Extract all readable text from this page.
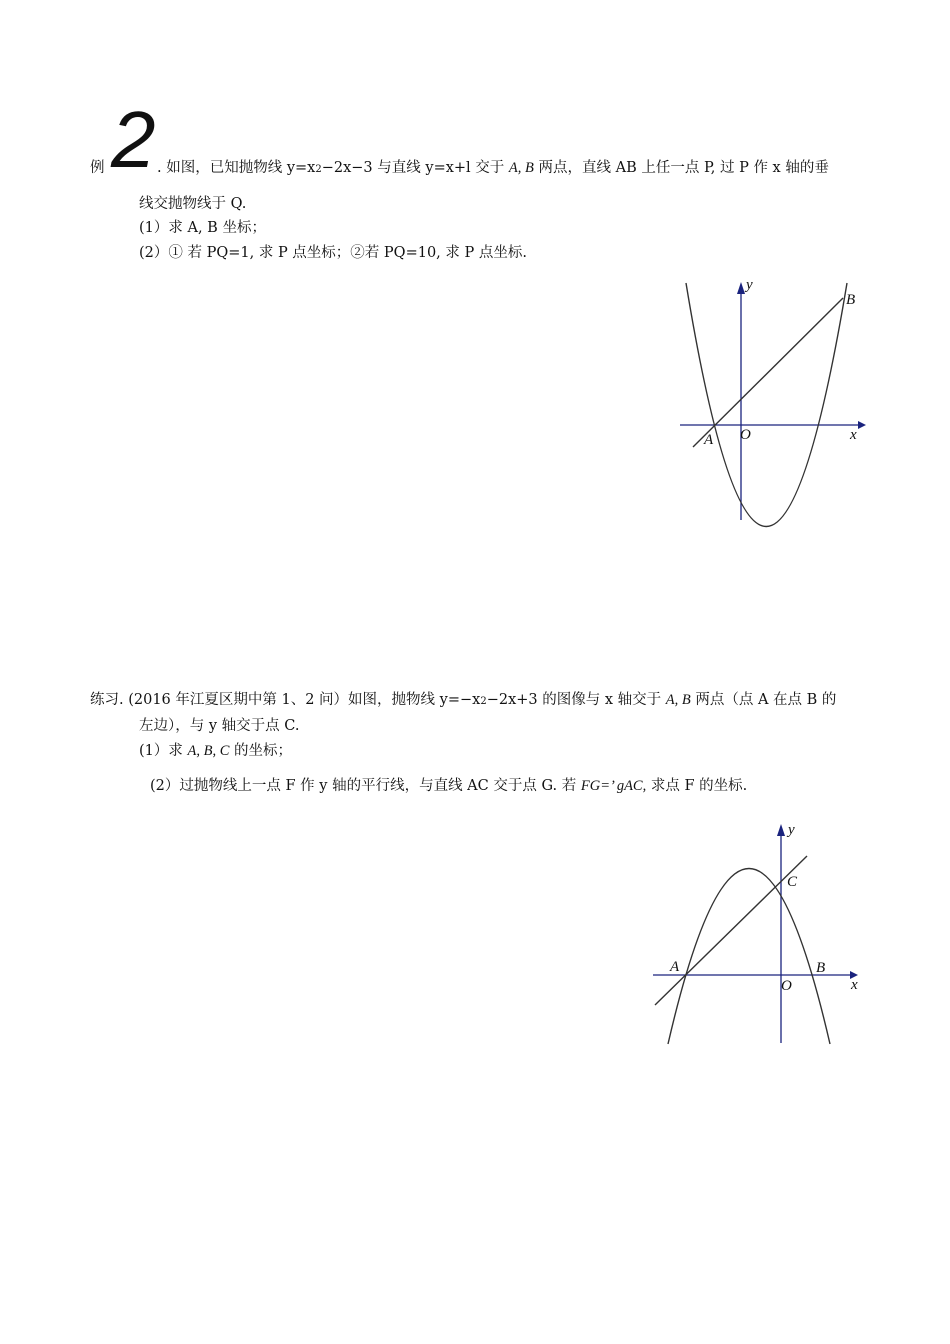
例 2 . 如图，已知抛物线 y=x2−2x−3 与直线 y=x+l 交于 A, B 两点，直线 AB 上任一点 P, 过 P 作 x 轴的垂
线交抛物线于 Q.
(1）求 A, B 坐标；
(2）① 若 PQ=1, 求 P 点坐标；②若 PQ=10, 求 P 点坐标.
y
x
O
A
B
练习. (2016 年江夏区期中第 1、2 问）如图，抛物线 y=−x2−2x+3 的图像与 x 轴交于 A, B 两点（点 A 在点 B 的
左边），与 y 轴交于点 C.
(1）求 A, B, C 的坐标；
(2）过抛物线上一点 F 作 y 轴的平行线，与直线 AC 交于点 G. 若 FG=’ gAC, 求点 F 的坐标.
y
x
O
A	B
C
